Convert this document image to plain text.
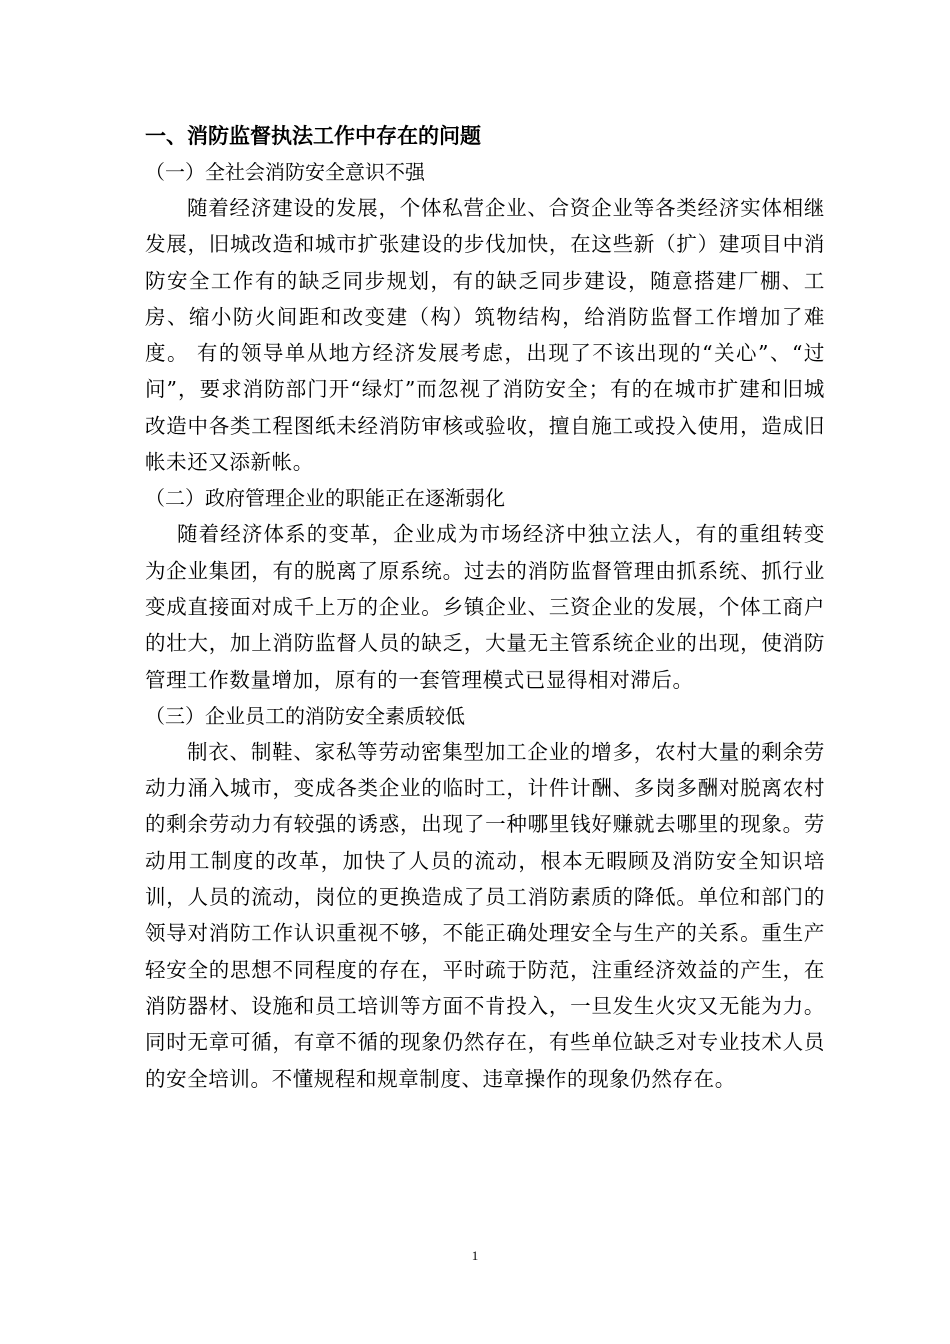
一、消防监督执法工作中存在的问题

（一）全社会消防安全意识不强

随着经济建设的发展，个体私营企业、合资企业等各类经济实体相继发展，旧城改造和城市扩张建设的步伐加快，在这些新（扩）建项目中消防安全工作有的缺乏同步规划，有的缺乏同步建设，随意搭建厂棚、工房、缩小防火间距和改变建（构）筑物结构，给消防监督工作增加了难度。 有的领导单从地方经济发展考虑，出现了不该出现的“关心”、“过问”，要求消防部门开“绿灯”而忽视了消防安全；有的在城市扩建和旧城改造中各类工程图纸未经消防审核或验收，擅自施工或投入使用，造成旧帐未还又添新帐。

（二）政府管理企业的职能正在逐渐弱化

随着经济体系的变革，企业成为市场经济中独立法人，有的重组转变为企业集团，有的脱离了原系统。过去的消防监督管理由抓系统、抓行业变成直接面对成千上万的企业。乡镇企业、三资企业的发展，个体工商户的壮大，加上消防监督人员的缺乏，大量无主管系统企业的出现，使消防管理工作数量增加，原有的一套管理模式已显得相对滞后。

（三）企业员工的消防安全素质较低

制衣、制鞋、家私等劳动密集型加工企业的增多，农村大量的剩余劳动力涌入城市，变成各类企业的临时工，计件计酬、多岗多酬对脱离农村的剩余劳动力有较强的诱惑，出现了一种哪里钱好赚就去哪里的现象。劳动用工制度的改革，加快了人员的流动，根本无暇顾及消防安全知识培训，人员的流动，岗位的更换造成了员工消防素质的降低。单位和部门的领导对消防工作认识重视不够，不能正确处理安全与生产的关系。重生产轻安全的思想不同程度的存在，平时疏于防范，注重经济效益的产生，在消防器材、设施和员工培训等方面不肯投入，一旦发生火灾又无能为力。同时无章可循，有章不循的现象仍然存在，有些单位缺乏对专业技术人员的安全培训。不懂规程和规章制度、违章操作的现象仍然存在。

1
